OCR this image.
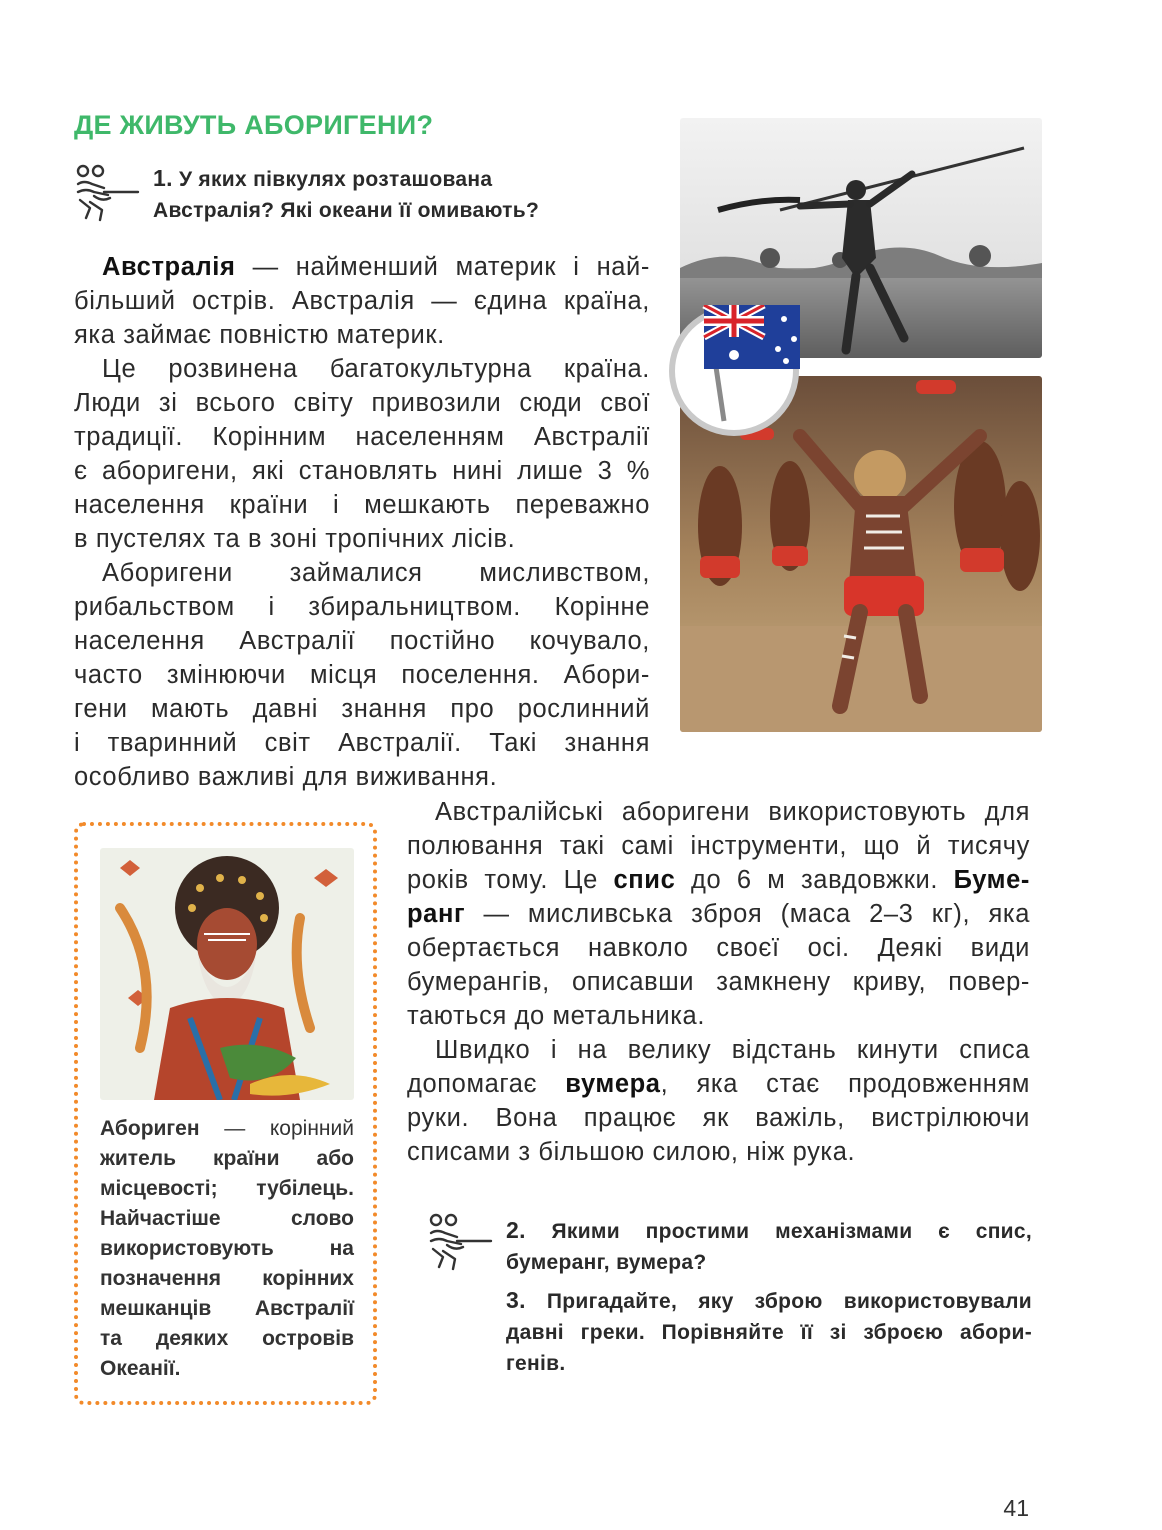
ДЕ ЖИВУТЬ АБОРИГЕНИ?
1. У яких півкулях розташована
Австралія? Які океани її омивають?
Австралія — найменший материк і най-
більший острів. Австралія — єдина країна,
яка займає повністю материк.
Це розвинена багатокультурна країна.
Люди зі всього світу привозили сюди свої
традиції. Корінним населенням Австралії
є аборигени, які становлять нині лише 3 %
населення країни і мешкають переважно
в пустелях та в зоні тропічних лісів.
Аборигени займалися мисливством,
рибальством і збиральництвом. Корінне
населення Австралії постійно кочувало,
часто змінюючи місця поселення. Абори-
гени мають давні знання про рослинний
і тваринний світ Австралії. Такі знання
особливо важливі для виживання.
Австралійські аборигени використовують для
полювання такі самі інструменти, що й тисячу
років тому. Це спис до 6 м завдовжки. Буме-
ранг — мисливська зброя (маса 2–3 кг), яка
обертається навколо своєї осі. Деякі види
бумерангів, описавши замкнену криву, повер-
таються до метальника.
Швидко і на велику відстань кинути списа
допомагає вумера, яка стає продовженням
руки. Вона працює як важіль, вистрілюючи
списами з більшою силою, ніж рука.
Абориген — корінний
житель країни або
місцевості; тубілець.
Найчастіше слово
використовують на
позначення корінних
мешканців Австралії
та деяких островів
Океанії.
2. Якими простими механізмами є спис,
бумеранг, вумера?
3. Пригадайте, яку зброю використовували
давні греки. Порівняйте її зі зброєю абори-
генів.
41
